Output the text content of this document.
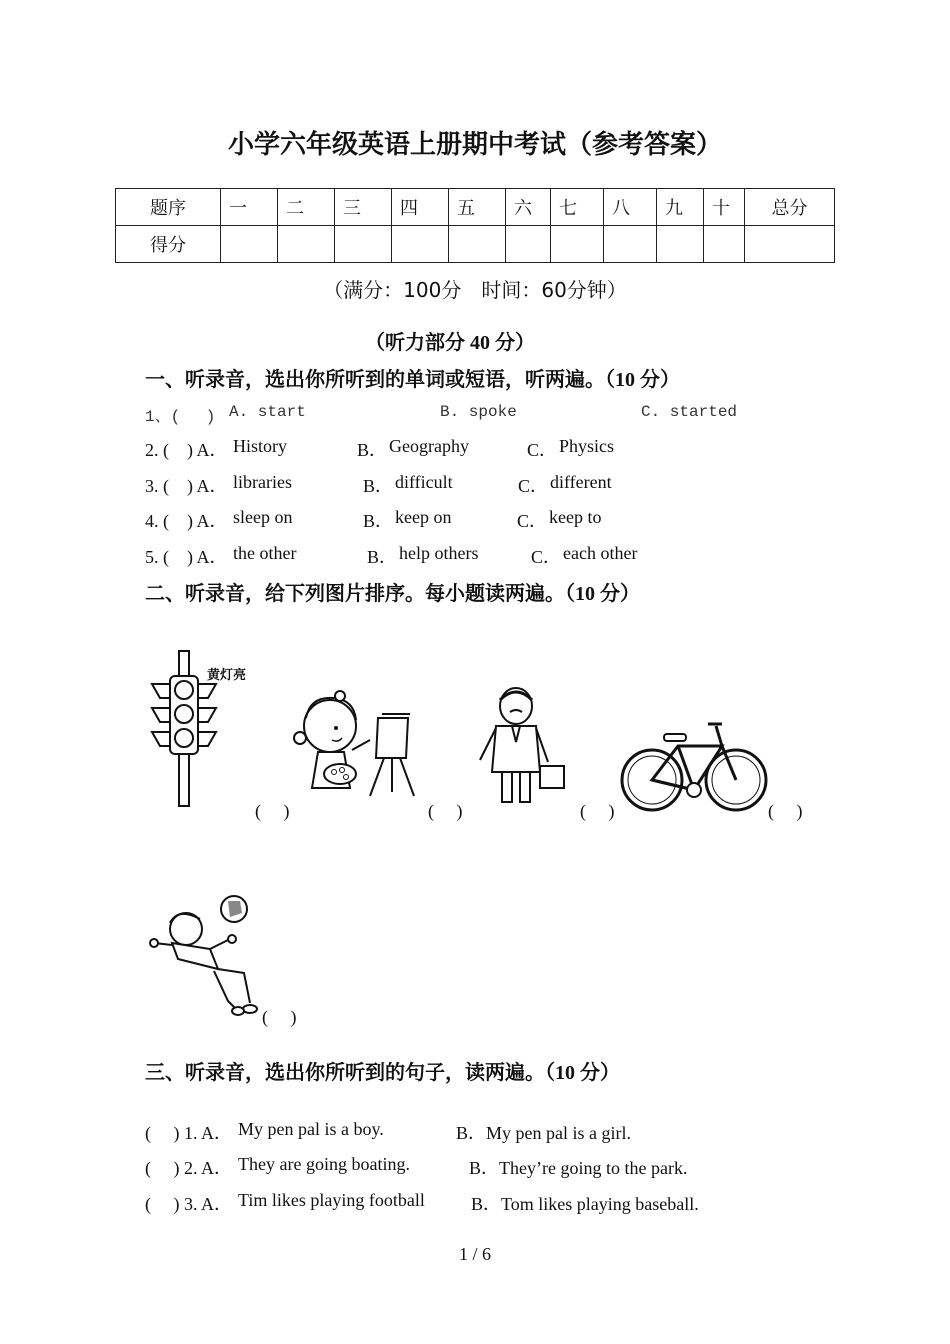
小学六年级英语上册期中考试（参考答案）
题序	一	二	三	四	五	六	七	八	九	十	总分
得分											
（满分：100分　时间：60分钟）
（听力部分 40 分）
一、听录音，选出你所听到的单词或短语，听两遍。（10 分）
1、(　 ) A. start	B. spoke	C. started
2. (　) A． History	B． Geography	C． Physics
3. (　) A． libraries	B． difficult	C． different
4. (　) A． sleep on	B． keep on	C． keep to
5. (　) A． the other	B． help others	C． each other
二、听录音，给下列图片排序。每小题读两遍。（10 分）
黄灯亮
(　 )	(　 )	(　 )	(　 )
(　 )
三、听录音，选出你所听到的句子，读两遍。（10 分）
(　 ) 1. A． My pen pal is a boy.	B．My pen pal is a girl.
(　 ) 2. A． They are going boating.	B．They’re going to the park.
(　 ) 3. A． Tim likes playing football	B．Tom likes playing baseball.
1 / 6
